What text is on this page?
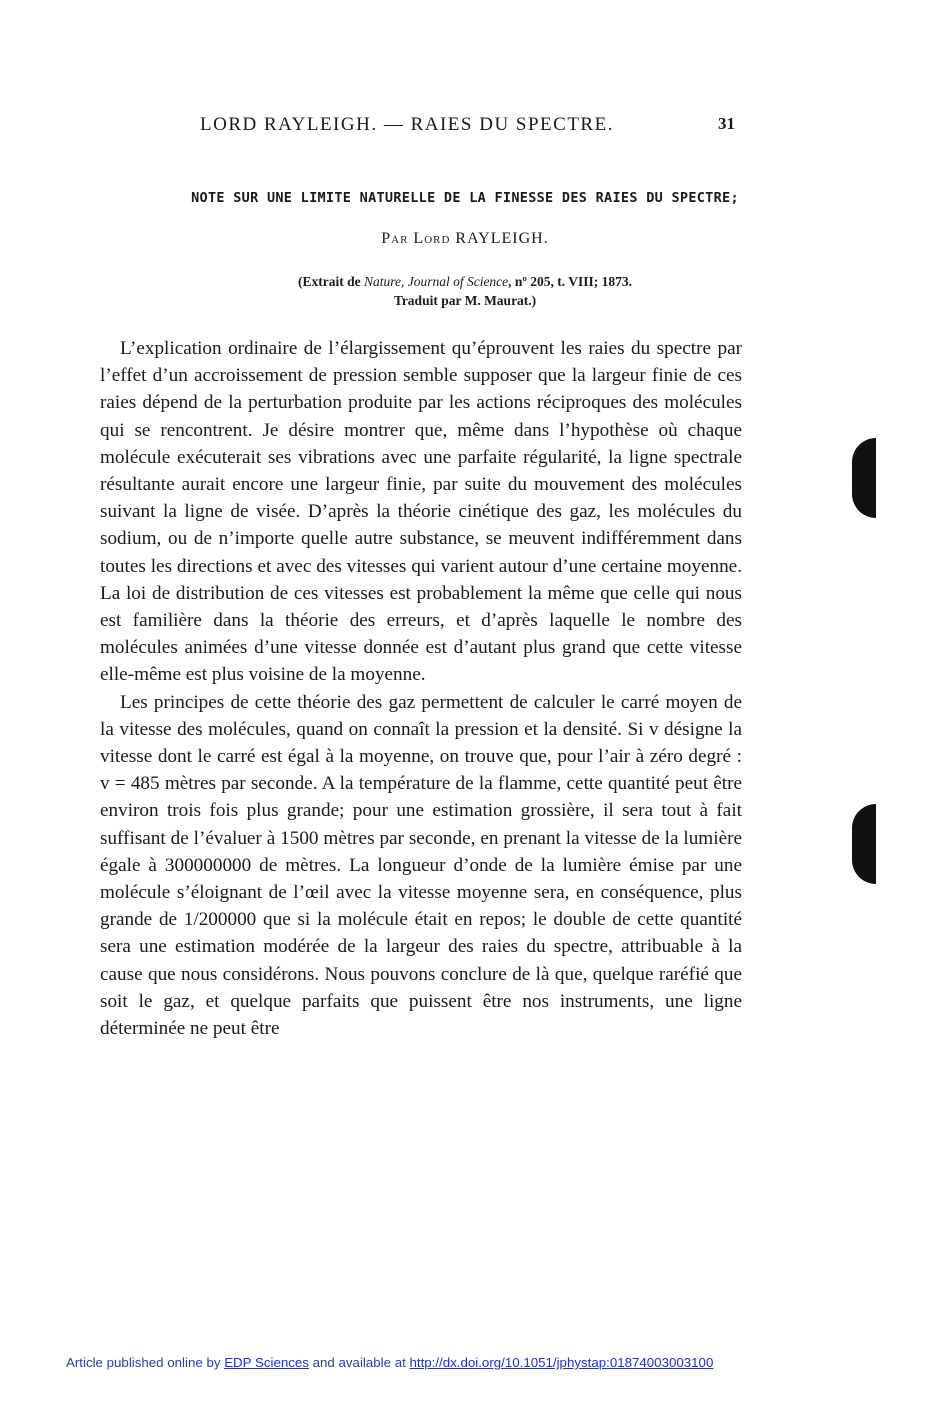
LORD RAYLEIGH. — RAIES DU SPECTRE.	31
NOTE SUR UNE LIMITE NATURELLE DE LA FINESSE DES RAIES DU SPECTRE;
Par Lord RAYLEIGH.
(Extrait de Nature, Journal of Science, nº 205, t. VIII; 1873.
Traduit par M. Maurat.)

L’explication ordinaire de l’élargissement qu’éprouvent les raies du spectre par l’effet d’un accroissement de pression semble supposer que la largeur finie de ces raies dépend de la perturbation produite par les actions réciproques des molécules qui se rencontrent. Je désire montrer que, même dans l’hypothèse où chaque molécule exécuterait ses vibrations avec une parfaite régularité, la ligne spectrale résultante aurait encore une largeur finie, par suite du mouvement des molécules suivant la ligne de visée. D’après la théorie cinétique des gaz, les molécules du sodium, ou de n’importe quelle autre substance, se meuvent indifféremment dans toutes les directions et avec des vitesses qui varient autour d’une certaine moyenne. La loi de distribution de ces vitesses est probablement la même que celle qui nous est familière dans la théorie des erreurs, et d’après laquelle le nombre des molécules animées d’une vitesse donnée est d’autant plus grand que cette vitesse elle-même est plus voisine de la moyenne.

Les principes de cette théorie des gaz permettent de calculer le carré moyen de la vitesse des molécules, quand on connaît la pression et la densité. Si v désigne la vitesse dont le carré est égal à la moyenne, on trouve que, pour l’air à zéro degré : v = 485 mètres par seconde. A la température de la flamme, cette quantité peut être environ trois fois plus grande; pour une estimation grossière, il sera tout à fait suffisant de l’évaluer à 1500 mètres par seconde, en prenant la vitesse de la lumière égale à 300000000 de mètres. La longueur d’onde de la lumière émise par une molécule s’éloignant de l’œil avec la vitesse moyenne sera, en conséquence, plus grande de 1/200000 que si la molécule était en repos; le double de cette quantité sera une estimation modérée de la largeur des raies du spectre, attribuable à la cause que nous considérons. Nous pouvons conclure de là que, quelque raréfié que soit le gaz, et quelque parfaits que puissent être nos instruments, une ligne déterminée ne peut être

Article published online by EDP Sciences and available at http://dx.doi.org/10.1051/jphystap:01874003003100
